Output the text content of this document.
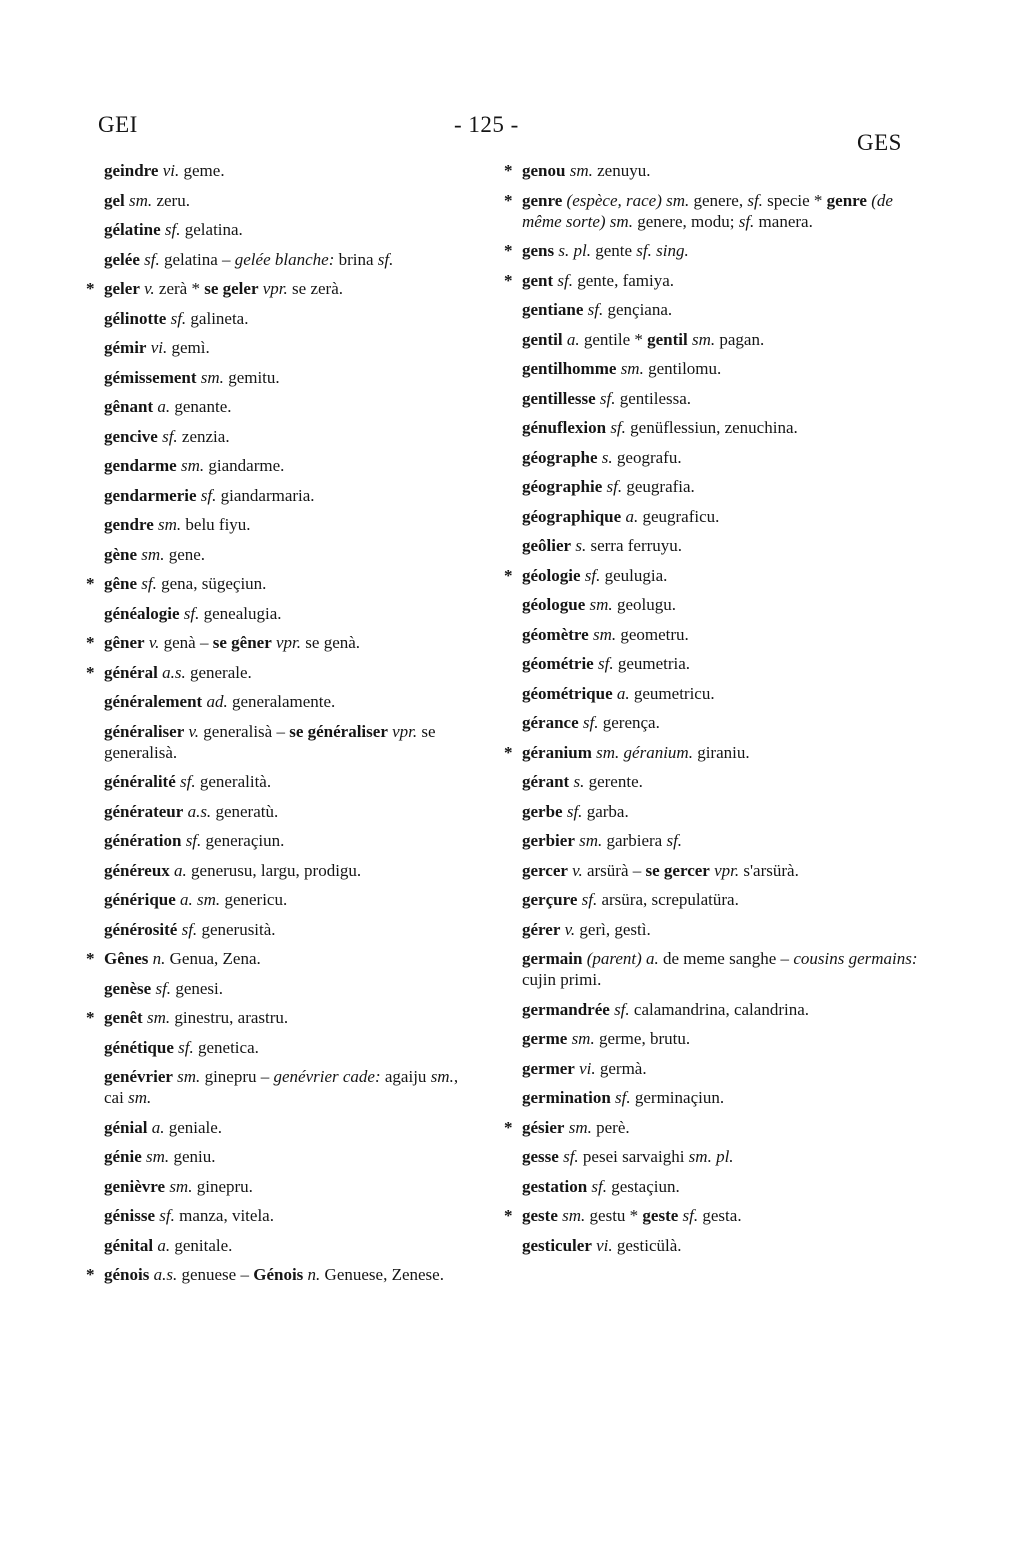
GEI	- 125 -
GES
geindre vi. geme.
gel sm. zeru.
gélatine sf. gelatina.
gelée sf. gelatina – gelée blanche: brina sf.
* geler v. zerà * se geler vpr. se zerà.
gélinotte sf. galineta.
gémir vi. gemì.
gémissement sm. gemitu.
gênant a. genante.
gencive sf. zenzia.
gendarme sm. giandarme.
gendarmerie sf. giandarmaria.
gendre sm. belu fiyu.
gène sm. gene.
* gêne sf. gena, sügeçiun.
généalogie sf. genealugia.
* gêner v. genà – se gêner vpr. se genà.
* général a.s. generale.
généralement ad. generalamente.
généraliser v. generalisà – se généraliser vpr. se generalisà.
généralité sf. generalità.
générateur a.s. generatù.
génération sf. generaçiun.
généreux a. generusu, largu, prodigu.
générique a. sm. genericu.
générosité sf. generusità.
* Gênes n. Genua, Zena.
genèse sf. genesi.
* genêt sm. ginestru, arastru.
génétique sf. genetica.
genévrier sm. ginepru – genévrier cade: agaiju sm., cai sm.
génial a. geniale.
génie sm. geniu.
genièvre sm. ginepru.
génisse sf. manza, vitela.
génital a. genitale.
* génois a.s. genuese – Génois n. Genuese, Zenese.
* genou sm. zenuyu.
* genre (espèce, race) sm. genere, sf. specie * genre (de même sorte) sm. genere, modu; sf. manera.
* gens s. pl. gente sf. sing.
* gent sf. gente, famiya.
gentiane sf. gençiana.
gentil a. gentile * gentil sm. pagan.
gentilhomme sm. gentilomu.
gentillesse sf. gentilessa.
génuflexion sf. genüflessiun, zenuchina.
géographe s. geografu.
géographie sf. geugrafia.
géographique a. geugraficu.
geôlier s. serra ferruyu.
* géologie sf. geulugia.
géologue sm. geolugu.
géomètre sm. geometru.
géométrie sf. geumetria.
géométrique a. geumetricu.
gérance sf. gerença.
* géranium sm. géranium. giraniu.
gérant s. gerente.
gerbe sf. garba.
gerbier sm. garbiera sf.
gercer v. arsürà – se gercer vpr. s'arsürà.
gerçure sf. arsüra, screpulatüra.
gérer v. gerì, gestì.
germain (parent) a. de meme sanghe – cousins germains: cujin primi.
germandrée sf. calamandrina, calandrina.
germe sm. germe, brutu.
germer vi. germà.
germination sf. germinaçiun.
* gésier sm. perè.
gesse sf. pesei sarvaighi sm. pl.
gestation sf. gestaçiun.
* geste sm. gestu * geste sf. gesta.
gesticuler vi. gesticülà.
